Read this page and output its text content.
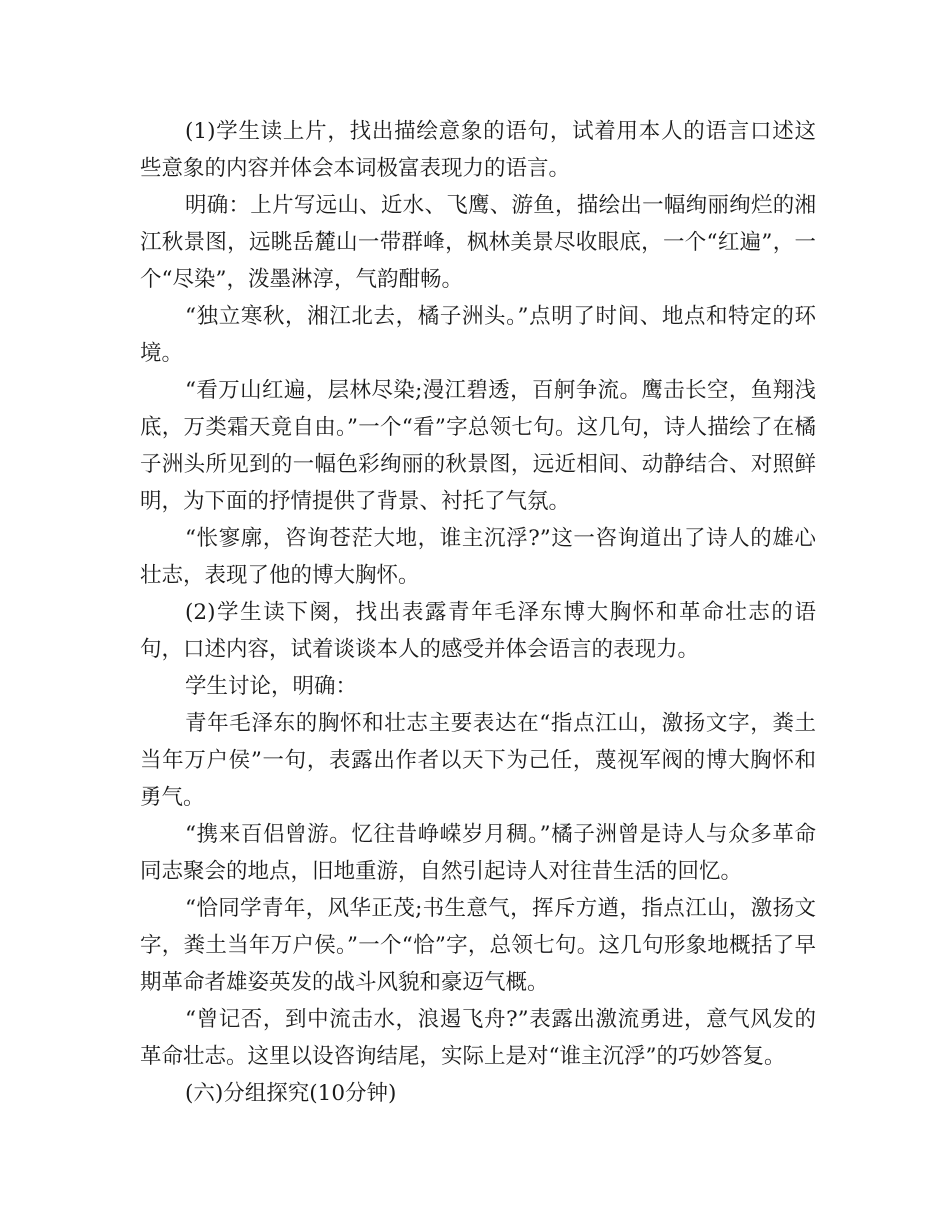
(1)学生读上片，找出描绘意象的语句，试着用本人的语言口述这些意象的内容并体会本词极富表现力的语言。

明确：上片写远山、近水、飞鹰、游鱼，描绘出一幅绚丽绚烂的湘江秋景图，远眺岳麓山一带群峰，枫林美景尽收眼底，一个“红遍”，一个“尽染”，泼墨淋淳，气韵酣畅。

“独立寒秋，湘江北去，橘子洲头。”点明了时间、地点和特定的环境。

“看万山红遍，层林尽染;漫江碧透，百舸争流。鹰击长空，鱼翔浅底，万类霜天竟自由。”一个“看”字总领七句。这几句，诗人描绘了在橘子洲头所见到的一幅色彩绚丽的秋景图，远近相间、动静结合、对照鲜明，为下面的抒情提供了背景、衬托了气氛。

“怅寥廓，咨询苍茫大地，谁主沉浮?”这一咨询道出了诗人的雄心壮志，表现了他的博大胸怀。

(2)学生读下阕，找出表露青年毛泽东博大胸怀和革命壮志的语句，口述内容，试着谈谈本人的感受并体会语言的表现力。

学生讨论，明确：

青年毛泽东的胸怀和壮志主要表达在“指点江山，激扬文字，粪土当年万户侯”一句，表露出作者以天下为己任，蔑视军阀的博大胸怀和勇气。

“携来百侣曾游。忆往昔峥嵘岁月稠。”橘子洲曾是诗人与众多革命同志聚会的地点，旧地重游，自然引起诗人对往昔生活的回忆。

“恰同学青年，风华正茂;书生意气，挥斥方遒，指点江山，激扬文字，粪土当年万户侯。”一个“恰”字，总领七句。这几句形象地概括了早期革命者雄姿英发的战斗风貌和豪迈气概。

“曾记否，到中流击水，浪遏飞舟?”表露出激流勇进，意气风发的革命壮志。这里以设咨询结尾，实际上是对“谁主沉浮”的巧妙答复。

(六)分组探究(10分钟)
